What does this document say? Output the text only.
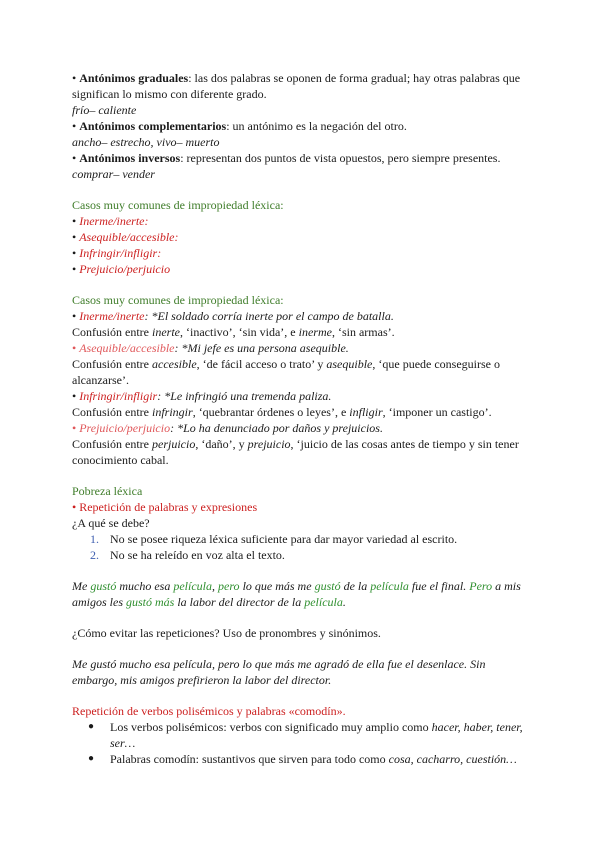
• Antónimos graduales: las dos palabras se oponen de forma gradual; hay otras palabras que significan lo mismo con diferente grado.

frío– caliente

• Antónimos complementarios: un antónimo es la negación del otro.

ancho– estrecho, vivo– muerto

• Antónimos inversos: representan dos puntos de vista opuestos, pero siempre presentes.

comprar– vender

Casos muy comunes de impropiedad léxica:

• Inerme/inerte:

• Asequible/accesible:

• Infringir/infligir:

• Prejuicio/perjuicio

Casos muy comunes de impropiedad léxica:

• Inerme/inerte: *El soldado corría inerte por el campo de batalla.

Confusión entre inerte, ‘inactivo’, ‘sin vida’, e inerme, ‘sin armas’.

• Asequible/accesible: *Mi jefe es una persona asequible.

Confusión entre accesible, ‘de fácil acceso o trato’ y asequible, ‘que puede conseguirse o alcanzarse’.

• Infringir/infligir: *Le infringió una tremenda paliza.

Confusión entre infringir, ‘quebrantar órdenes o leyes’, e infligir, ‘imponer un castigo’.

• Prejuicio/perjuicio: *Lo ha denunciado por daños y prejuicios.

Confusión entre perjuicio, ‘daño’, y prejuicio, ‘juicio de las cosas antes de tiempo y sin tener conocimiento cabal.

Pobreza léxica

• Repetición de palabras y expresiones

¿A qué se debe?

1. No se posee riqueza léxica suficiente para dar mayor variedad al escrito.
2. No se ha releído en voz alta el texto.

Me gustó mucho esa película, pero lo que más me gustó de la película fue el final. Pero a mis amigos les gustó más la labor del director de la película.

¿Cómo evitar las repeticiones? Uso de pronombres y sinónimos.

Me gustó mucho esa película, pero lo que más me agradó de ella fue el desenlace. Sin embargo, mis amigos prefirieron la labor del director.

Repetición de verbos polisémicos y palabras «comodín».

● Los verbos polisémicos: verbos con significado muy amplio como hacer, haber, tener, ser…
● Palabras comodín: sustantivos que sirven para todo como cosa, cacharro, cuestión…
